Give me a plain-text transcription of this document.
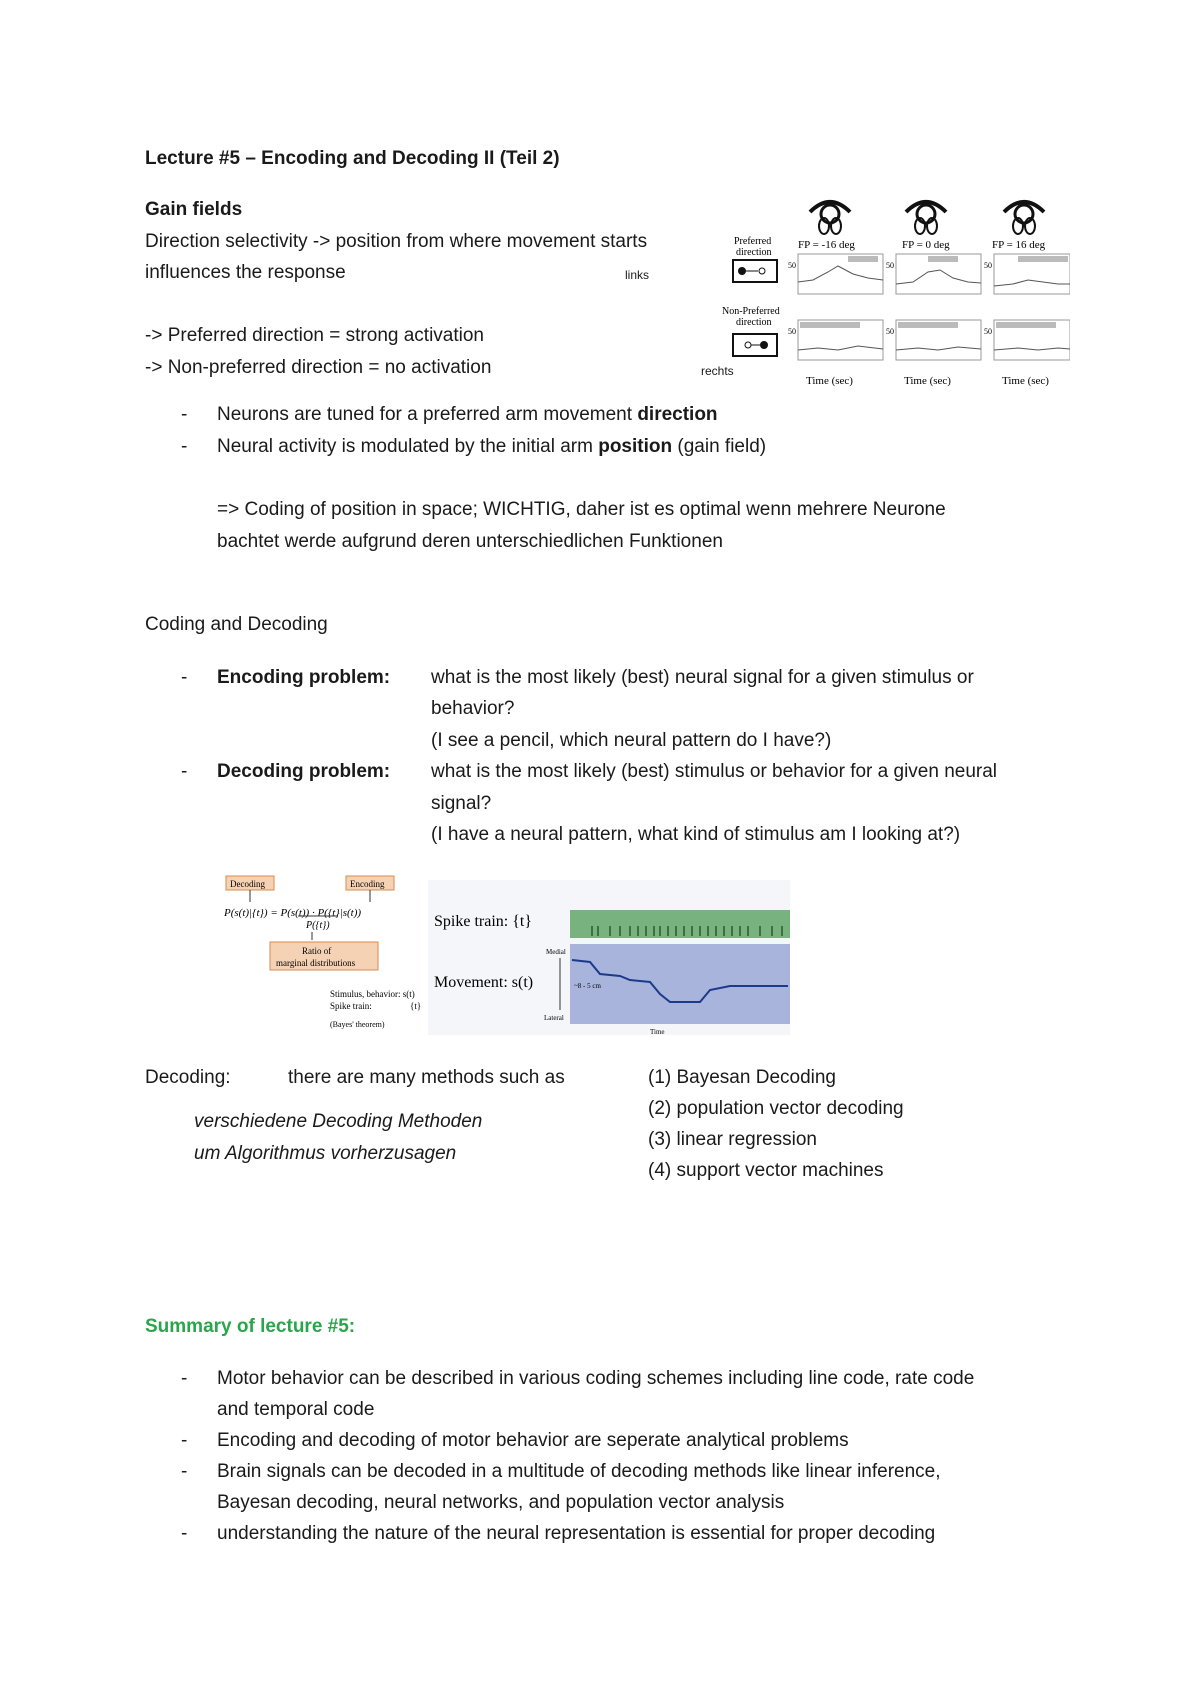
Lecture #5 – Encoding and Decoding II (Teil 2)
Gain fields
Direction selectivity -> position from where movement starts
influences the response	links
-> Preferred direction = strong activation
-> Non-preferred direction = no activation	rechts
Preferred
direction
Non-Preferred
direction
FP = -16 deg	FP = 0 deg	FP = 16 deg
50	50	50
50	50	50
Time (sec)	Time (sec)	Time (sec)
- Neurons are tuned for a preferred arm movement direction
- Neural activity is modulated by the initial arm position (gain field)
=> Coding of position in space; WICHTIG, daher ist es optimal wenn mehrere Neurone
bachtet werde aufgrund deren unterschiedlichen Funktionen
Coding and Decoding
- Encoding problem: what is the most likely (best) neural signal for a given stimulus or
behavior?
(I see a pencil, which neural pattern do I have?)
- Decoding problem: what is the most likely (best) stimulus or behavior for a given neural
signal?
(I have a neural pattern, what kind of stimulus am I looking at?)
Decoding	Encoding
P(s(t)|{t}) = P(s(t)) · P({t}|s(t))
P({t})
Ratio of
marginal distributions
Stimulus, behavior: s(t)
Spike train:	{t}
(Bayes' theorem)
Spike train: {t}
Movement: s(t)
Medial
Lateral
~8 - 5 cm
Time
Decoding:	there are many methods such as
verschiedene Decoding Methoden
um Algorithmus vorherzusagen
(1) Bayesan Decoding
(2) population vector decoding
(3) linear regression
(4) support vector machines
Summary of lecture #5:
- Motor behavior can be described in various coding schemes including line code, rate code
and temporal code
- Encoding and decoding of motor behavior are seperate analytical problems
- Brain signals can be decoded in a multitude of decoding methods like linear inference,
Bayesan decoding, neural networks, and population vector analysis
- understanding the nature of the neural representation is essential for proper decoding
